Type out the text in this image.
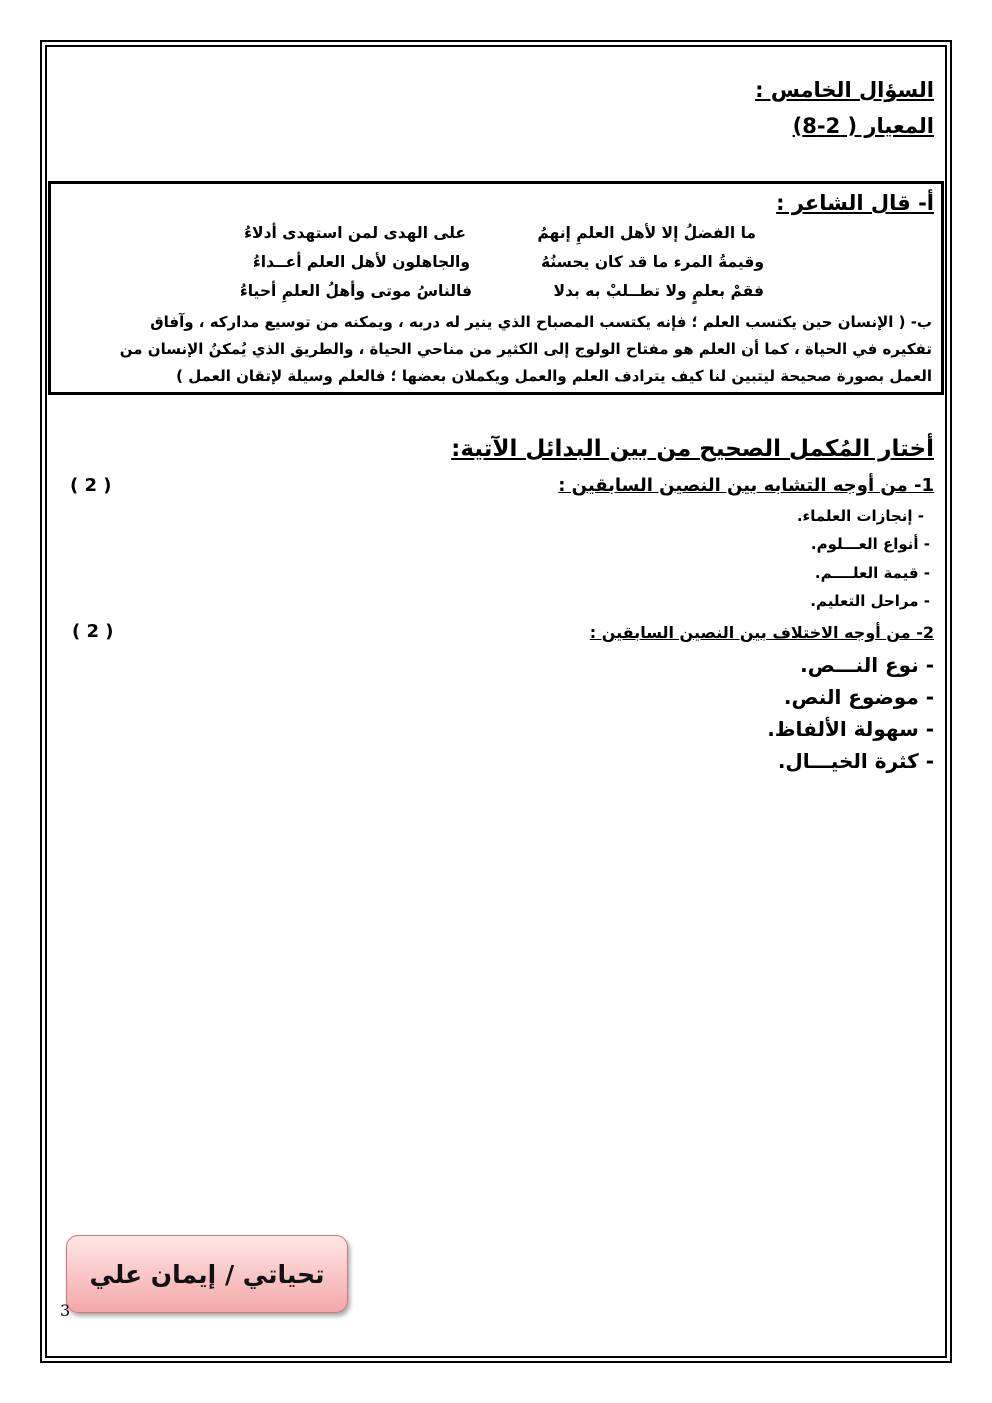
السؤال الخامس :
المعيار ( 2-8)
أ- قال الشاعر :
ما الفضلُ إلا لأهل العلمِ إنهمُ
على الهدى لمن استهدى أدلاءُ
وقيمةُ المرء ما قد كان يحسنُهُ
والجاهلون لأهل العلم أعــداءُ
فقمْ بعلمٍ ولا تطــلبْ به بدلا
فالناسُ موتى وأهلُ العلمِ أحياءُ
ب- ( الإنسان حين يكتسب العلم ؛ فإنه يكتسب المصباح الذي ينير له دربه ، ويمكنه من توسيع مداركه ، وآفاق
تفكيره في الحياة ، كما أن العلم هو مفتاح الولوج إلى الكثير من مناحي الحياة ، والطريق الذي يُمكنُ الإنسان من
العمل بصورة صحيحة ليتبين لنا كيف يترادف العلم والعمل ويكملان بعضها ؛ فالعلم وسيلة لإتقان العمل )
أختار المُكمل الصحيح من بين البدائل الآتية:
1- من أوجه التشابه بين النصين السابقين :
( 2 )
- إنجازات العلماء.
- أنواع العـــلوم.
- قيمة العلــــم.
- مراحل التعليم.
2- من أوجه الاختلاف بين النصين السابقين :
( 2 )
- نوع النـــص.
- موضوع النص.
- سهولة الألفاظ.
- كثرة الخيـــال.
تحياتي / إيمان علي
3
